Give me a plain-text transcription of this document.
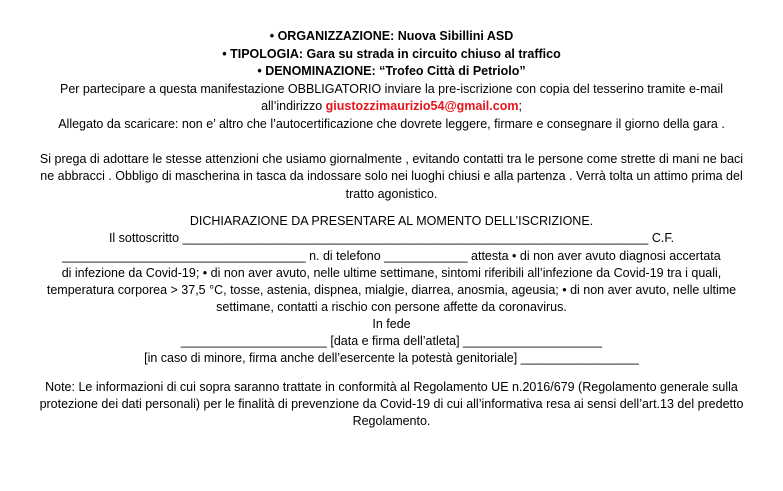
• ORGANIZZAZIONE: Nuova Sibillini ASD
• TIPOLOGIA: Gara su strada in circuito chiuso al traffico
• DENOMINAZIONE: “Trofeo Città di Petriolo”
Per partecipare a questa manifestazione OBBLIGATORIO inviare la pre-iscrizione con copia del tesserino tramite e-mail
all’indirizzo giustozzimaurizio54@gmail.com;
Allegato da scaricare: non e’ altro che l’autocertificazione che dovrete leggere, firmare e consegnare il giorno della gara .
Si prega di adottare le stesse attenzioni che usiamo giornalmente , evitando contatti tra le persone come strette di mani ne baci
ne abbracci . Obbligo di mascherina in tasca da indossare solo nei luoghi chiusi e alla partenza . Verrà tolta un attimo prima del
tratto agonistico.
DICHIARAZIONE DA PRESENTARE AL MOMENTO DELL’ISCRIZIONE.
Il sottoscritto ___________________________________________________________________ C.F.
___________________________________ n. di telefono ____________ attesta • di non aver avuto diagnosi accertata
di infezione da Covid-19; • di non aver avuto, nelle ultime settimane, sintomi riferibili all’infezione da Covid-19 tra i quali,
temperatura corporea > 37,5 °C, tosse, astenia, dispnea, mialgie, diarrea, anosmia, ageusia; • di non aver avuto, nelle ultime
settimane, contatti a rischio con persone affette da coronavirus.
In fede
_____________________ [data e firma dell’atleta] ____________________
[in caso di minore, firma anche dell’esercente la potestà genitoriale] _________________
Note: Le informazioni di cui sopra saranno trattate in conformità al Regolamento UE n.2016/679 (Regolamento generale sulla
protezione dei dati personali) per le finalità di prevenzione da Covid-19 di cui all’informativa resa ai sensi dell’art.13 del predetto
Regolamento.
